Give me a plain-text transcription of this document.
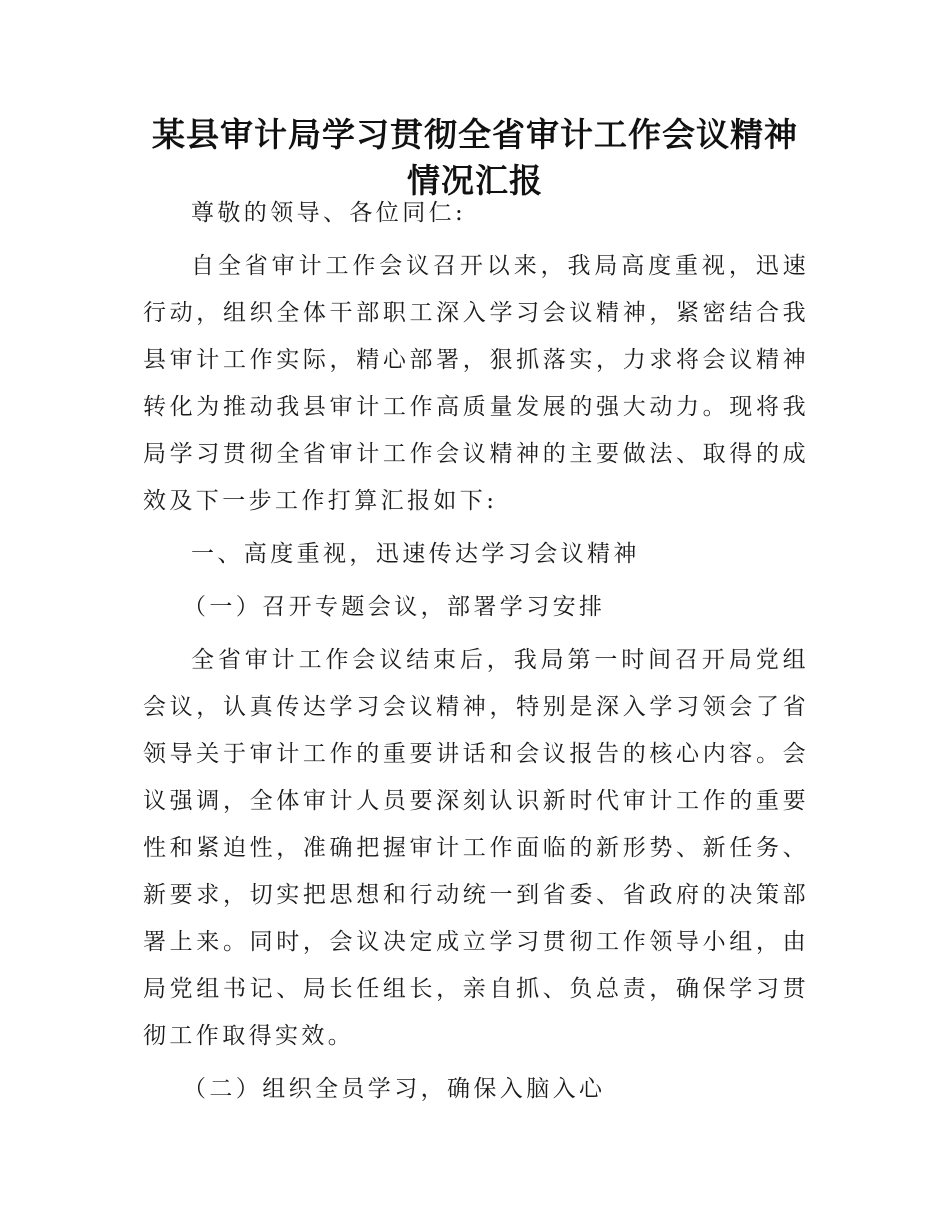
某县审计局学习贯彻全省审计工作会议精神情况汇报

尊敬的领导、各位同仁:

自全省审计工作会议召开以来，我局高度重视，迅速行动，组织全体干部职工深入学习会议精神，紧密结合我县审计工作实际，精心部署，狠抓落实，力求将会议精神转化为推动我县审计工作高质量发展的强大动力。现将我局学习贯彻全省审计工作会议精神的主要做法、取得的成效及下一步工作打算汇报如下:

一、高度重视，迅速传达学习会议精神

（一）召开专题会议，部署学习安排

全省审计工作会议结束后，我局第一时间召开局党组会议，认真传达学习会议精神，特别是深入学习领会了省领导关于审计工作的重要讲话和会议报告的核心内容。会议强调，全体审计人员要深刻认识新时代审计工作的重要性和紧迫性，准确把握审计工作面临的新形势、新任务、新要求，切实把思想和行动统一到省委、省政府的决策部署上来。同时，会议决定成立学习贯彻工作领导小组，由局党组书记、局长任组长，亲自抓、负总责，确保学习贯彻工作取得实效。

（二）组织全员学习，确保入脑入心
